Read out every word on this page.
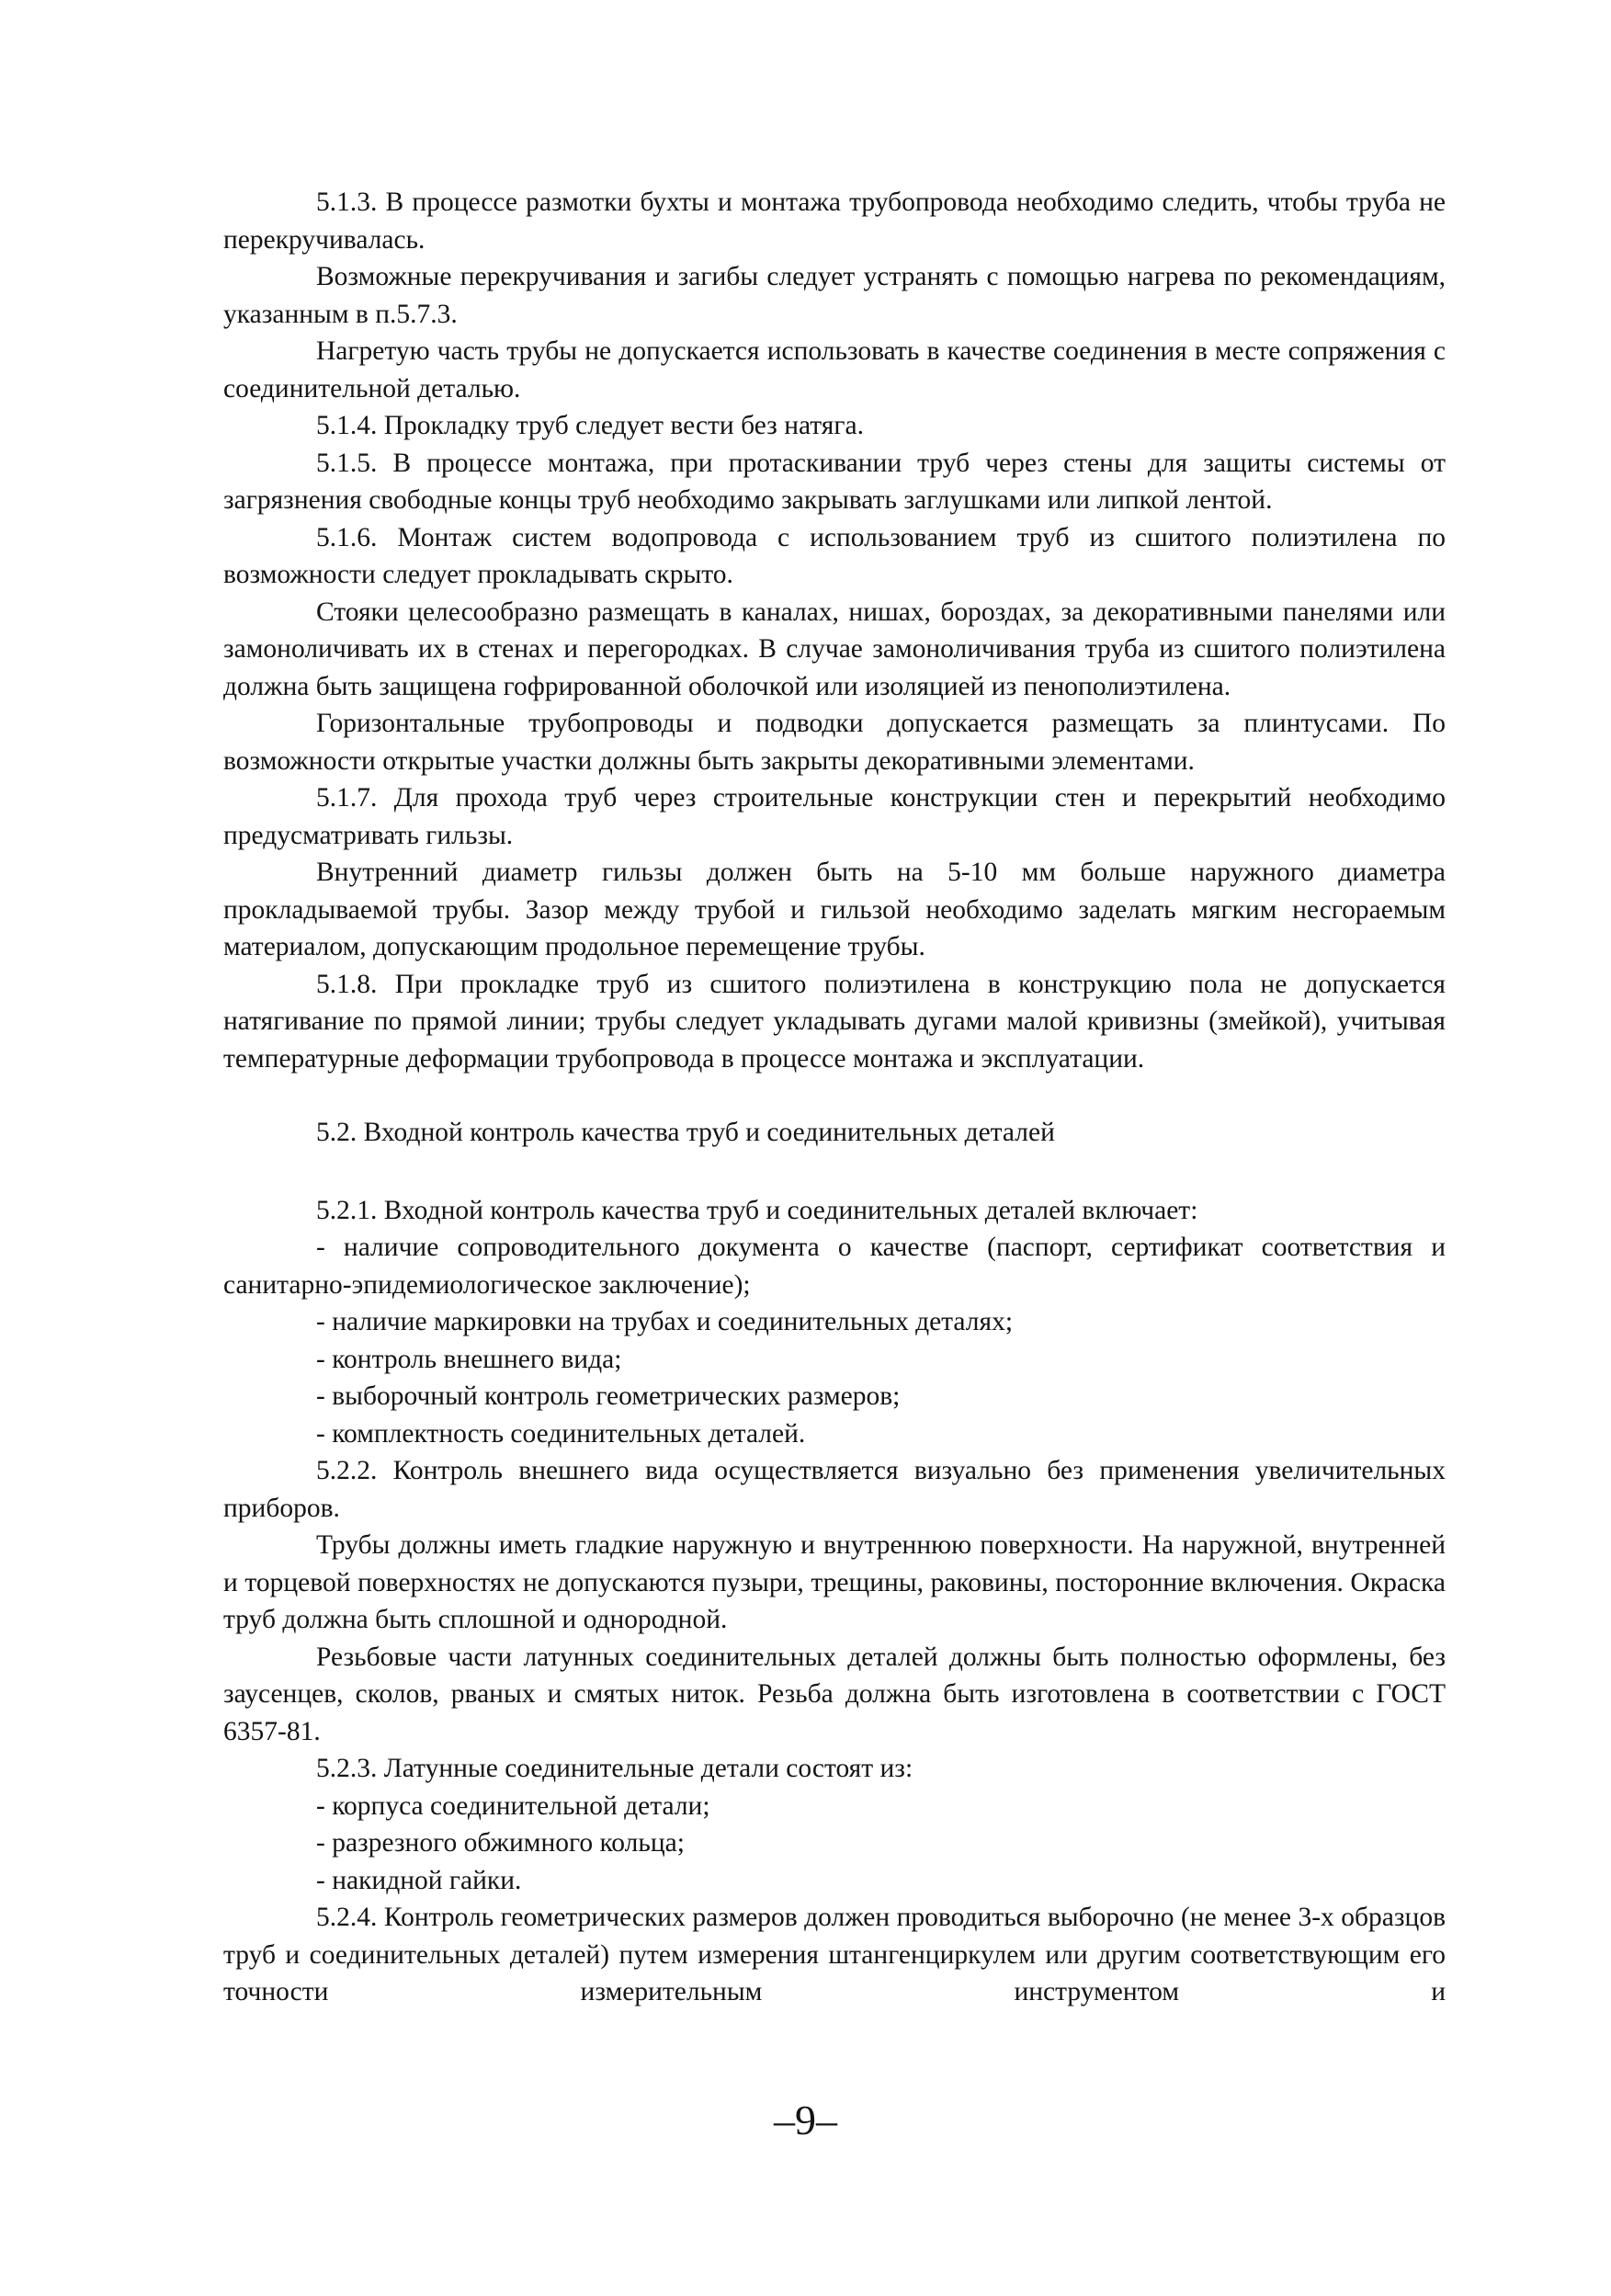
5.1.3. В процессе размотки бухты и монтажа трубопровода необходимо следить, чтобы труба не перекручивалась.

Возможные перекручивания и загибы следует устранять с помощью нагрева по рекомендациям, указанным в п.5.7.3.

Нагретую часть трубы не допускается использовать в качестве соединения в месте сопряжения с соединительной деталью.

5.1.4. Прокладку труб следует вести без натяга.

5.1.5. В процессе монтажа, при протаскивании труб через стены для защиты системы от загрязнения свободные концы труб необходимо закрывать заглушками или липкой лентой.

5.1.6. Монтаж систем водопровода с использованием труб из сшитого полиэтилена по возможности следует прокладывать скрыто.

Стояки целесообразно размещать в каналах, нишах, бороздах, за декоративными панелями или замоноличивать их в стенах и перегородках. В случае замоноличивания труба из сшитого полиэтилена должна быть защищена гофрированной оболочкой или изоляцией из пенополиэтилена.

Горизонтальные трубопроводы и подводки допускается размещать за плинтусами. По возможности открытые участки должны быть закрыты декоративными элементами.

5.1.7. Для прохода труб через строительные конструкции стен и перекрытий необходимо предусматривать гильзы.

Внутренний диаметр гильзы должен быть на 5-10 мм больше наружного диаметра прокладываемой трубы. Зазор между трубой и гильзой необходимо заделать мягким несгораемым материалом, допускающим продольное перемещение трубы.

5.1.8. При прокладке труб из сшитого полиэтилена в конструкцию пола не допускается натягивание по прямой линии; трубы следует укладывать дугами малой кривизны (змейкой), учитывая температурные деформации трубопровода в процессе монтажа и эксплуатации.

5.2. Входной контроль качества труб и соединительных деталей

5.2.1. Входной контроль качества труб и соединительных деталей включает:

- наличие сопроводительного документа о качестве (паспорт, сертификат соответствия и санитарно-эпидемиологическое заключение);

- наличие маркировки на трубах и соединительных деталях;

- контроль внешнего вида;

- выборочный контроль геометрических размеров;

- комплектность соединительных деталей.

5.2.2. Контроль внешнего вида осуществляется визуально без применения увеличительных приборов.

Трубы должны иметь гладкие наружную и внутреннюю поверхности. На наружной, внутренней и торцевой поверхностях не допускаются пузыри, трещины, раковины, посторонние включения. Окраска труб должна быть сплошной и однородной.

Резьбовые части латунных соединительных деталей должны быть полностью оформлены, без заусенцев, сколов, рваных и смятых ниток. Резьба должна быть изготовлена в соответствии с ГОСТ 6357-81.

5.2.3. Латунные соединительные детали состоят из:

- корпуса соединительной детали;

- разрезного обжимного кольца;

- накидной гайки.

5.2.4. Контроль геометрических размеров должен проводиться выборочно (не менее 3-х образцов труб и соединительных деталей) путем измерения штангенциркулем или другим соответствующим его точности измерительным инструментом и

–9–
